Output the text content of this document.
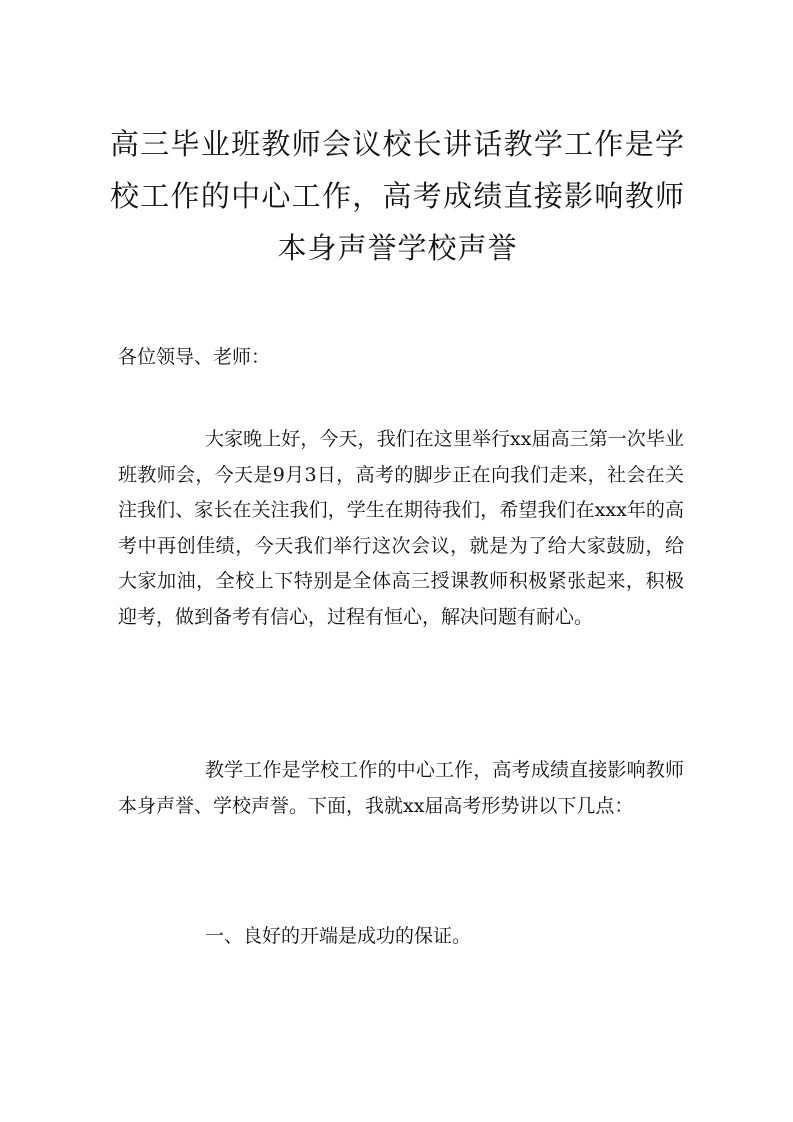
高三毕业班教师会议校长讲话教学工作是学校工作的中心工作，高考成绩直接影响教师本身声誉学校声誉

各位领导、老师：

大家晚上好，今天，我们在这里举行xx届高三第一次毕业班教师会，今天是9月3日，高考的脚步正在向我们走来，社会在关注我们、家长在关注我们，学生在期待我们，希望我们在xxx年的高考中再创佳绩，今天我们举行这次会议，就是为了给大家鼓励，给大家加油，全校上下特别是全体高三授课教师积极紧张起来，积极迎考，做到备考有信心，过程有恒心，解决问题有耐心。

教学工作是学校工作的中心工作，高考成绩直接影响教师本身声誉、学校声誉。下面，我就xx届高考形势讲以下几点：

一、良好的开端是成功的保证。
